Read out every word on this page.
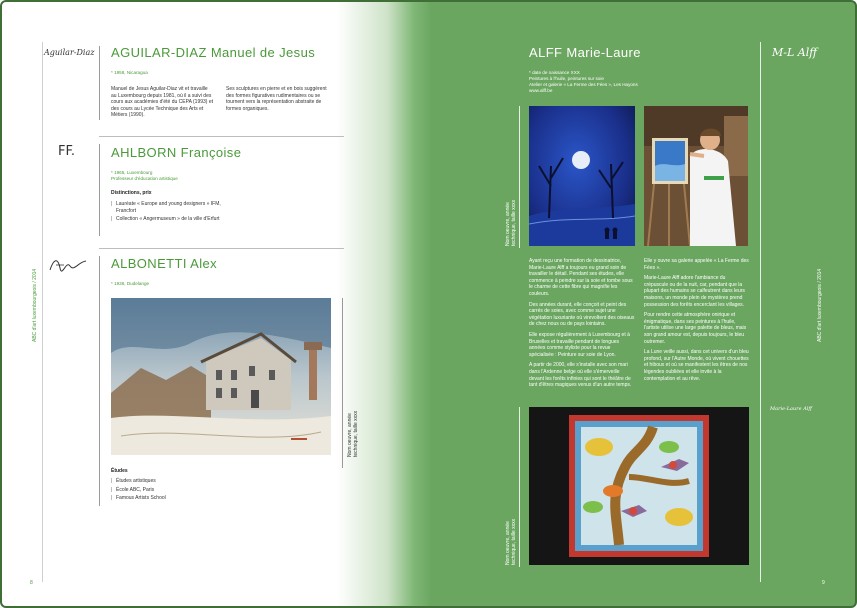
ABC d'art luxembourgeois / 2014
8
Aguilar-Diaz AGUILAR-DIAZ Manuel de Jesus
* 1958, Nicaragua
Manuel de Jesus Aguilar-Diaz vit et travaille au Luxembourg depuis 1981, où il a suivi des cours aux académies d'été du CEPA (1993) et des cours au Lycée Technique des Arts et Métiers (1990).
Ses sculptures en pierre et en bois suggèrent des formes figuratives rudimentaires ou se tournent vers la représentation abstraite de formes organiques.
FF.	AHLBORN Françoise
* 1965, Luxembourg
Professeur d'éducation artistique
Distinctions, prix
| Lauréate « Europe and young designers » IFM, Francfort
| Collection « Angermuseum » de la ville d'Erfurt
ALBONETTI Alex
* 1936, Dudelange
Nom oeuvre, année technique, taille xxxx
Études
| Études artistiques
| École ABC, Paris
| Famous Artists School
ALFF Marie-Laure	M-L Alff
ABC d'art luxembourgeois / 2014
Marie-Laure Alff
9
* date de naissance XXX
Peintures à l'huile, peintures sur soie
Atelier et galerie « La Ferme des Fées », Les Hayons
www.alff.be
Nom oeuvre, année technique, taille xxxx

Ayant reçu une formation de dessinatrice, Marie-Laure Alff a toujours eu grand soin de travailler le détail. Pendant ses études, elle commence à peindre sur la soie et tombe sous le charme de cette fibre qui magnifie les couleurs.

Des années durant, elle conçoit et peint des carrés de soies, avec comme sujet une végétation luxuriante où virevoltent des oiseaux de chez nous ou de pays lointains.

Elle expose régulièrement à Luxembourg et à Bruxelles et travaille pendant de longues années comme styliste pour la revue spécialisée : Peinture sur soie de Lyon.

A partir de 2000, elle s'installe avec son mari dans l'Ardenne belge où elle s'émerveille devant les forêts infinies qui sont le théâtre de tant d'êtres magiques venus d'un autre temps.

Elle y ouvre sa galerie appelée « La Ferme des Fées ».

Marie-Laure Alff adore l'ambiance du crépuscule ou de la nuit, car, pendant que la plupart des humains se calfeutrent dans leurs maisons, un monde plein de mystères prend possession des forêts encerclant les villages.

Pour rendre cette atmosphère onirique et énigmatique, dans ses peintures à l'huile, l'artiste utilise une large palette de bleus, mais son grand amour est, depuis toujours, le bleu outremer.

La Lune veille aussi, dans cet univers d'un bleu profond, sur l'Autre Monde, où vivent chouettes et hiboux et où se manifestent les êtres de nos légendes oubliées et elle invite à la contemplation et au rêve.

Nom oeuvre, année technique, taille xxxx
